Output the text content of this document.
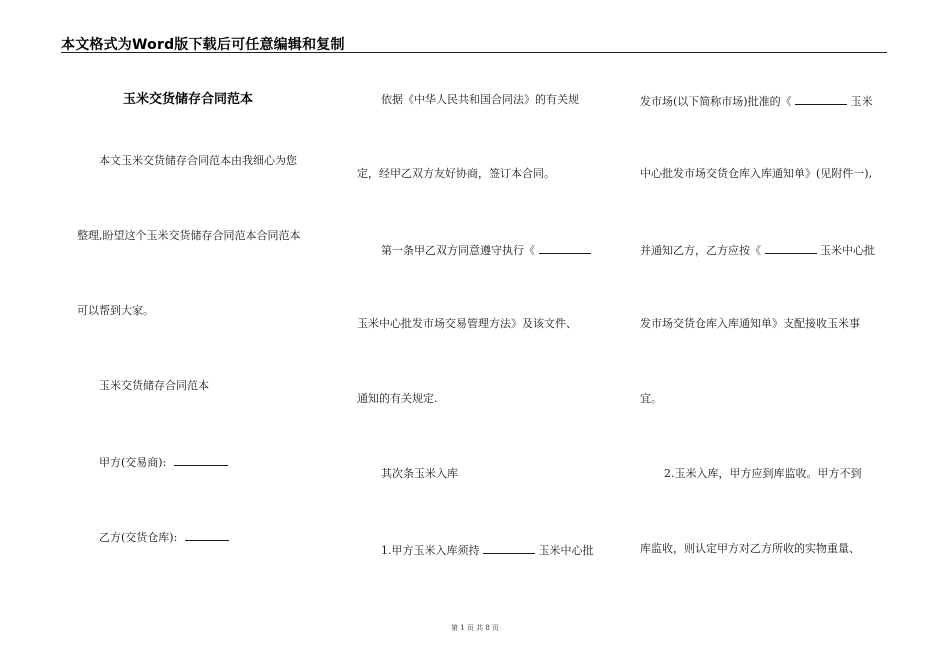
本文格式为Word版下载后可任意编辑和复制
玉米交货储存合同范本
本文玉米交货储存合同范本由我细心为您
整理,盼望这个玉米交货储存合同范本合同范本
可以帮到大家。
玉米交货储存合同范本
甲方(交易商):
乙方(交货仓库):
依据《中华人民共和国合同法》的有关规
定，经甲乙双方友好协商，签订本合同。
第一条甲乙双方同意遵守执行《
玉米中心批发市场交易管理方法》及该文件、
通知的有关规定.
其次条玉米入库
1.甲方玉米入库须持	玉米中心批
发市场(以下简称市场)批准的《	玉米
中心批发市场交货仓库入库通知单》(见附件一),
并通知乙方，乙方应按《	玉米中心批
发市场交货仓库入库通知单》支配接收玉米事
宜。
2.玉米入库，甲方应到库监收。甲方不到
库监收，则认定甲方对乙方所收的实物重量、
第 1 页 共 8 页
